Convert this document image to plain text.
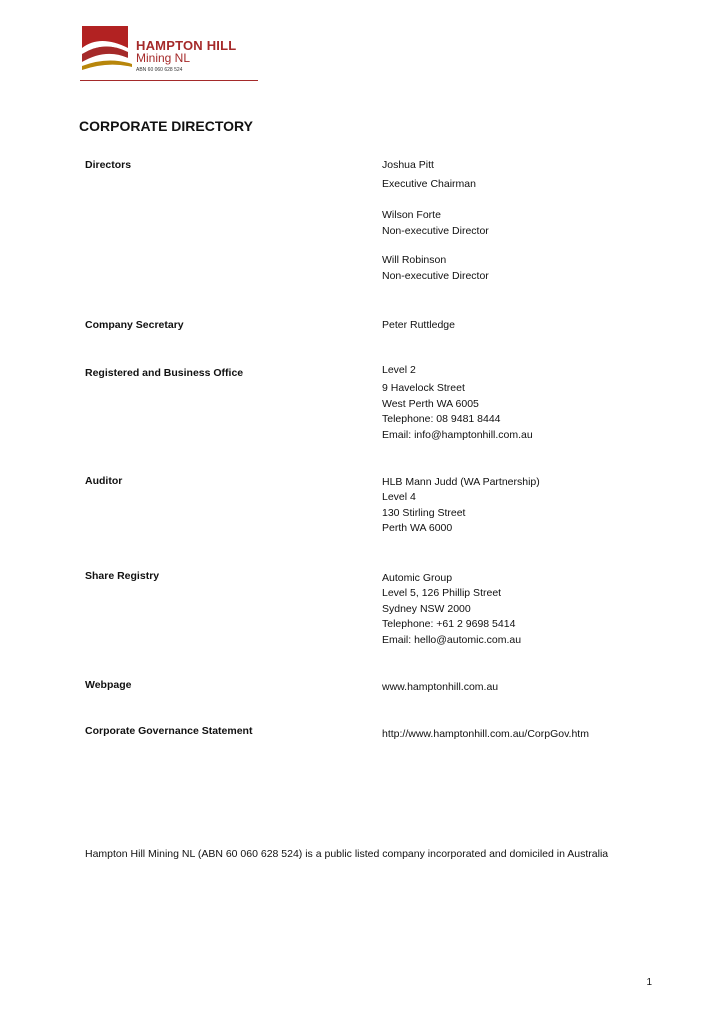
HAMPTON HILL
Mining NL
ABN 60 060 628 524
CORPORATE DIRECTORY
Directors	Joshua Pitt
Executive Chairman
Wilson Forte
Non-executive Director
Will Robinson
Non-executive Director
Company Secretary	Peter Ruttledge
Registered and Business Office	Level 2
9 Havelock Street
West Perth WA 6005
Telephone: 08 9481 8444
Email: info@hamptonhill.com.au
Auditor	HLB Mann Judd (WA Partnership)
Level 4
130 Stirling Street
Perth WA 6000
Share Registry	Automic Group
Level 5, 126 Phillip Street
Sydney NSW 2000
Telephone: +61 2 9698 5414
Email: hello@automic.com.au
Webpage	www.hamptonhill.com.au
Corporate Governance Statement	http://www.hamptonhill.com.au/CorpGov.htm
Hampton Hill Mining NL (ABN 60 060 628 524) is a public listed company incorporated and domiciled in Australia
1
